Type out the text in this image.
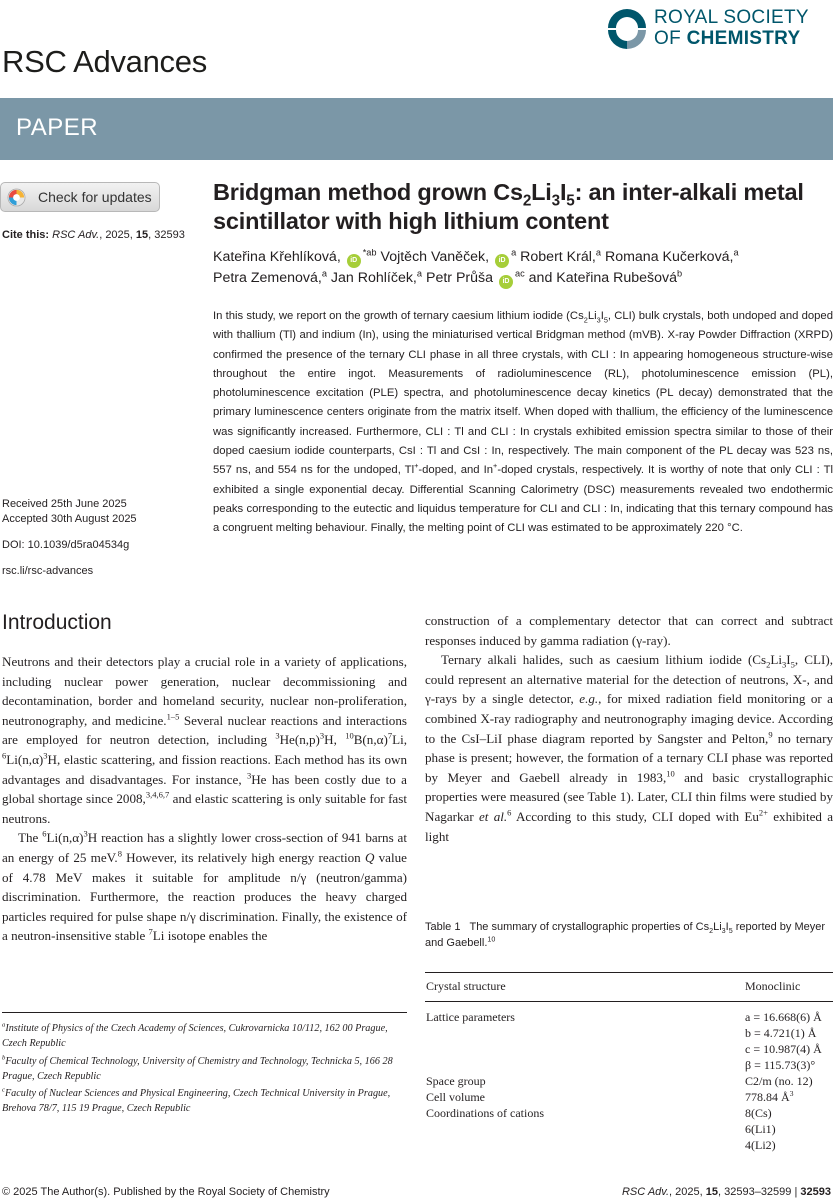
RSC Advances
ROYAL SOCIETY
OF CHEMISTRY
PAPER
Check for updates
Cite this: RSC Adv., 2025, 15, 32593
Received 25th June 2025
Accepted 30th August 2025
DOI: 10.1039/d5ra04534g
rsc.li/rsc-advances
Bridgman method grown $Cs_2Li_3I_5$: an inter-alkali metal scintillator with high lithium content
Kateřina Křehlíková, $iD^{*ab}$ Vojtěch Vaněček, $iD^a$ Robert Král,$^a$ Romana Kučerková,$^a$
Petra Zemenová,$^a$ Jan Rohlíček,$^a$ Petr Průša $iD^{ac}$ and Kateřina Rubešová$^b$
In this study, we report on the growth of ternary caesium lithium iodide ($Cs_2Li_3I_5$, CLI) bulk crystals, both undoped and doped with thallium (Tl) and indium (In), using the miniaturised vertical Bridgman method (mVB). X-ray Powder Diffraction (XRPD) confirmed the presence of the ternary CLI phase in all three crystals, with CLI : In appearing homogeneous structure-wise throughout the entire ingot. Measurements of radioluminescence (RL), photoluminescence emission (PL), photoluminescence excitation (PLE) spectra, and photoluminescence decay kinetics (PL decay) demonstrated that the primary luminescence centers originate from the matrix itself. When doped with thallium, the efficiency of the luminescence was significantly increased. Furthermore, CLI : Tl and CLI : In crystals exhibited emission spectra similar to those of their doped caesium iodide counterparts, CsI : Tl and CsI : In, respectively. The main component of the PL decay was 523 ns, 557 ns, and 554 ns for the undoped, Tl+-doped, and In+-doped crystals, respectively. It is worthy of note that only CLI : Tl exhibited a single exponential decay. Differential Scanning Calorimetry (DSC) measurements revealed two endothermic peaks corresponding to the eutectic and liquidus temperature for CLI and CLI : In, indicating that this ternary compound has a congruent melting behaviour. Finally, the melting point of CLI was estimated to be approximately 220 °C.
Introduction

Neutrons and their detectors play a crucial role in a variety of applications, including nuclear power generation, nuclear decommissioning and decontamination, border and homeland security, nuclear non-proliferation, neutronography, and medicine.$^{1-5}$ Several nuclear reactions and interactions are employed for neutron detection, including $^3He(n,p)^3H$, $^{10}B(n,\alpha)^7Li$, $^6Li(n,\alpha)^3H$, elastic scattering, and fission reactions. Each method has its own advantages and disadvantages. For instance, $^3$He has been costly due to a global shortage since 2008,$^{3,4,6,7}$ and elastic scattering is only suitable for fast neutrons.

The $^6Li(n,\alpha)^3H$ reaction has a slightly lower cross-section of 941 barns at an energy of 25 meV.$^8$ However, its relatively high energy reaction Q value of 4.78 MeV makes it suitable for amplitude n/γ (neutron/gamma) discrimination. Furthermore, the reaction produces the heavy charged particles required for pulse shape n/γ discrimination. Finally, the existence of a neutron-insensitive stable $^7$Li isotope enables the

construction of a complementary detector that can correct and subtract responses induced by gamma radiation (γ-ray).

Ternary alkali halides, such as caesium lithium iodide ($Cs_2Li_3I_5$, CLI), could represent an alternative material for the detection of neutrons, X-, and γ-rays by a single detector, e.g., for mixed radiation field monitoring or a combined X-ray radiography and neutronography imaging device. According to the CsI–LiI phase diagram reported by Sangster and Pelton,$^9$ no ternary phase is present; however, the formation of a ternary CLI phase was reported by Meyer and Gaebell already in 1983,10 and basic crystallographic properties were measured (see Table 1). Later, CLI thin films were studied by Nagarkar et al.$^6$ According to this study, CLI doped with $Eu^{2+}$ exhibited a light

$^a$Institute of Physics of the Czech Academy of Sciences, Cukrovarnicka 10/112, 162 00 Prague, Czech Republic

$^b$Faculty of Chemical Technology, University of Chemistry and Technology, Technicka 5, 166 28 Prague, Czech Republic

$^c$Faculty of Nuclear Sciences and Physical Engineering, Czech Technical University in Prague, Brehova 78/7, 115 19 Prague, Czech Republic

Table 1 The summary of crystallographic properties of $Cs_2Li_3I_5$ reported by Meyer and Gaebell.$^{10}$
Crystal structure	Monoclinic
Lattice parameters	a = 16.668(6) Å
b = 4.721(1) Å
c = 10.987(4) Å
β = 115.73(3)°
Space group	C2/m (no. 12)
Cell volume	778.84 $Å^3$
Coordinations of cations	8(Cs)
6(Li1)
4(Li2)
© 2025 The Author(s). Published by the Royal Society of Chemistry	RSC Adv., 2025, 15, 32593–32599 | 32593
